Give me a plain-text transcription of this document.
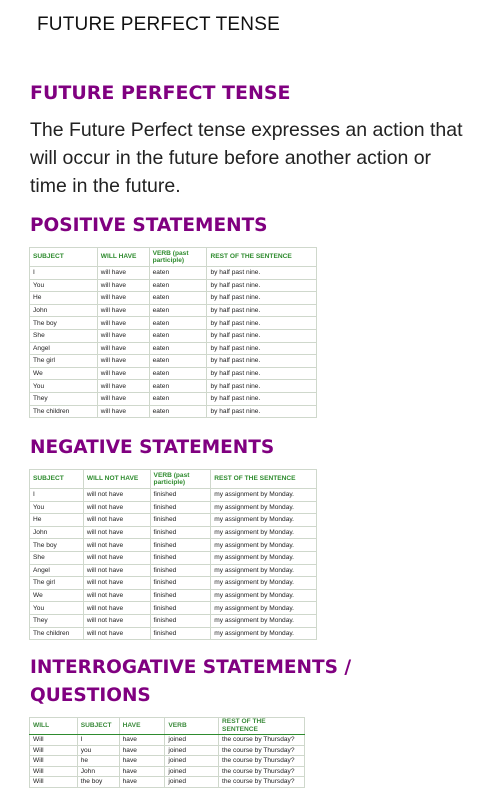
FUTURE PERFECT TENSE
FUTURE PERFECT TENSE
The Future Perfect tense expresses an action that will occur in the future before another action or time in the future.
POSITIVE STATEMENTS
SUBJECT	WILL HAVE	VERB (past participle)	REST OF THE SENTENCE
I	will have	eaten	by half past nine.
You	will have	eaten	by half past nine.
He	will have	eaten	by half past nine.
John	will have	eaten	by half past nine.
The boy	will have	eaten	by half past nine.
She	will have	eaten	by half past nine.
Angel	will have	eaten	by half past nine.
The girl	will have	eaten	by half past nine.
We	will have	eaten	by half past nine.
You	will have	eaten	by half past nine.
They	will have	eaten	by half past nine.
The children	will have	eaten	by half past nine.
NEGATIVE STATEMENTS
SUBJECT	WILL NOT HAVE	VERB (past participle)	REST OF THE SENTENCE
I	will not have	finished	my assignment by Monday.
You	will not have	finished	my assignment by Monday.
He	will not have	finished	my assignment by Monday.
John	will not have	finished	my assignment by Monday.
The boy	will not have	finished	my assignment by Monday.
She	will not have	finished	my assignment by Monday.
Angel	will not have	finished	my assignment by Monday.
The girl	will not have	finished	my assignment by Monday.
We	will not have	finished	my assignment by Monday.
You	will not have	finished	my assignment by Monday.
They	will not have	finished	my assignment by Monday.
The children	will not have	finished	my assignment by Monday.
INTERROGATIVE STATEMENTS /
QUESTIONS
WILL	SUBJECT	HAVE	VERB	REST OF THE SENTENCE
Will	I	have	joined	the course by Thursday?
Will	you	have	joined	the course by Thursday?
Will	he	have	joined	the course by Thursday?
Will	John	have	joined	the course by Thursday?
Will	the boy	have	joined	the course by Thursday?
